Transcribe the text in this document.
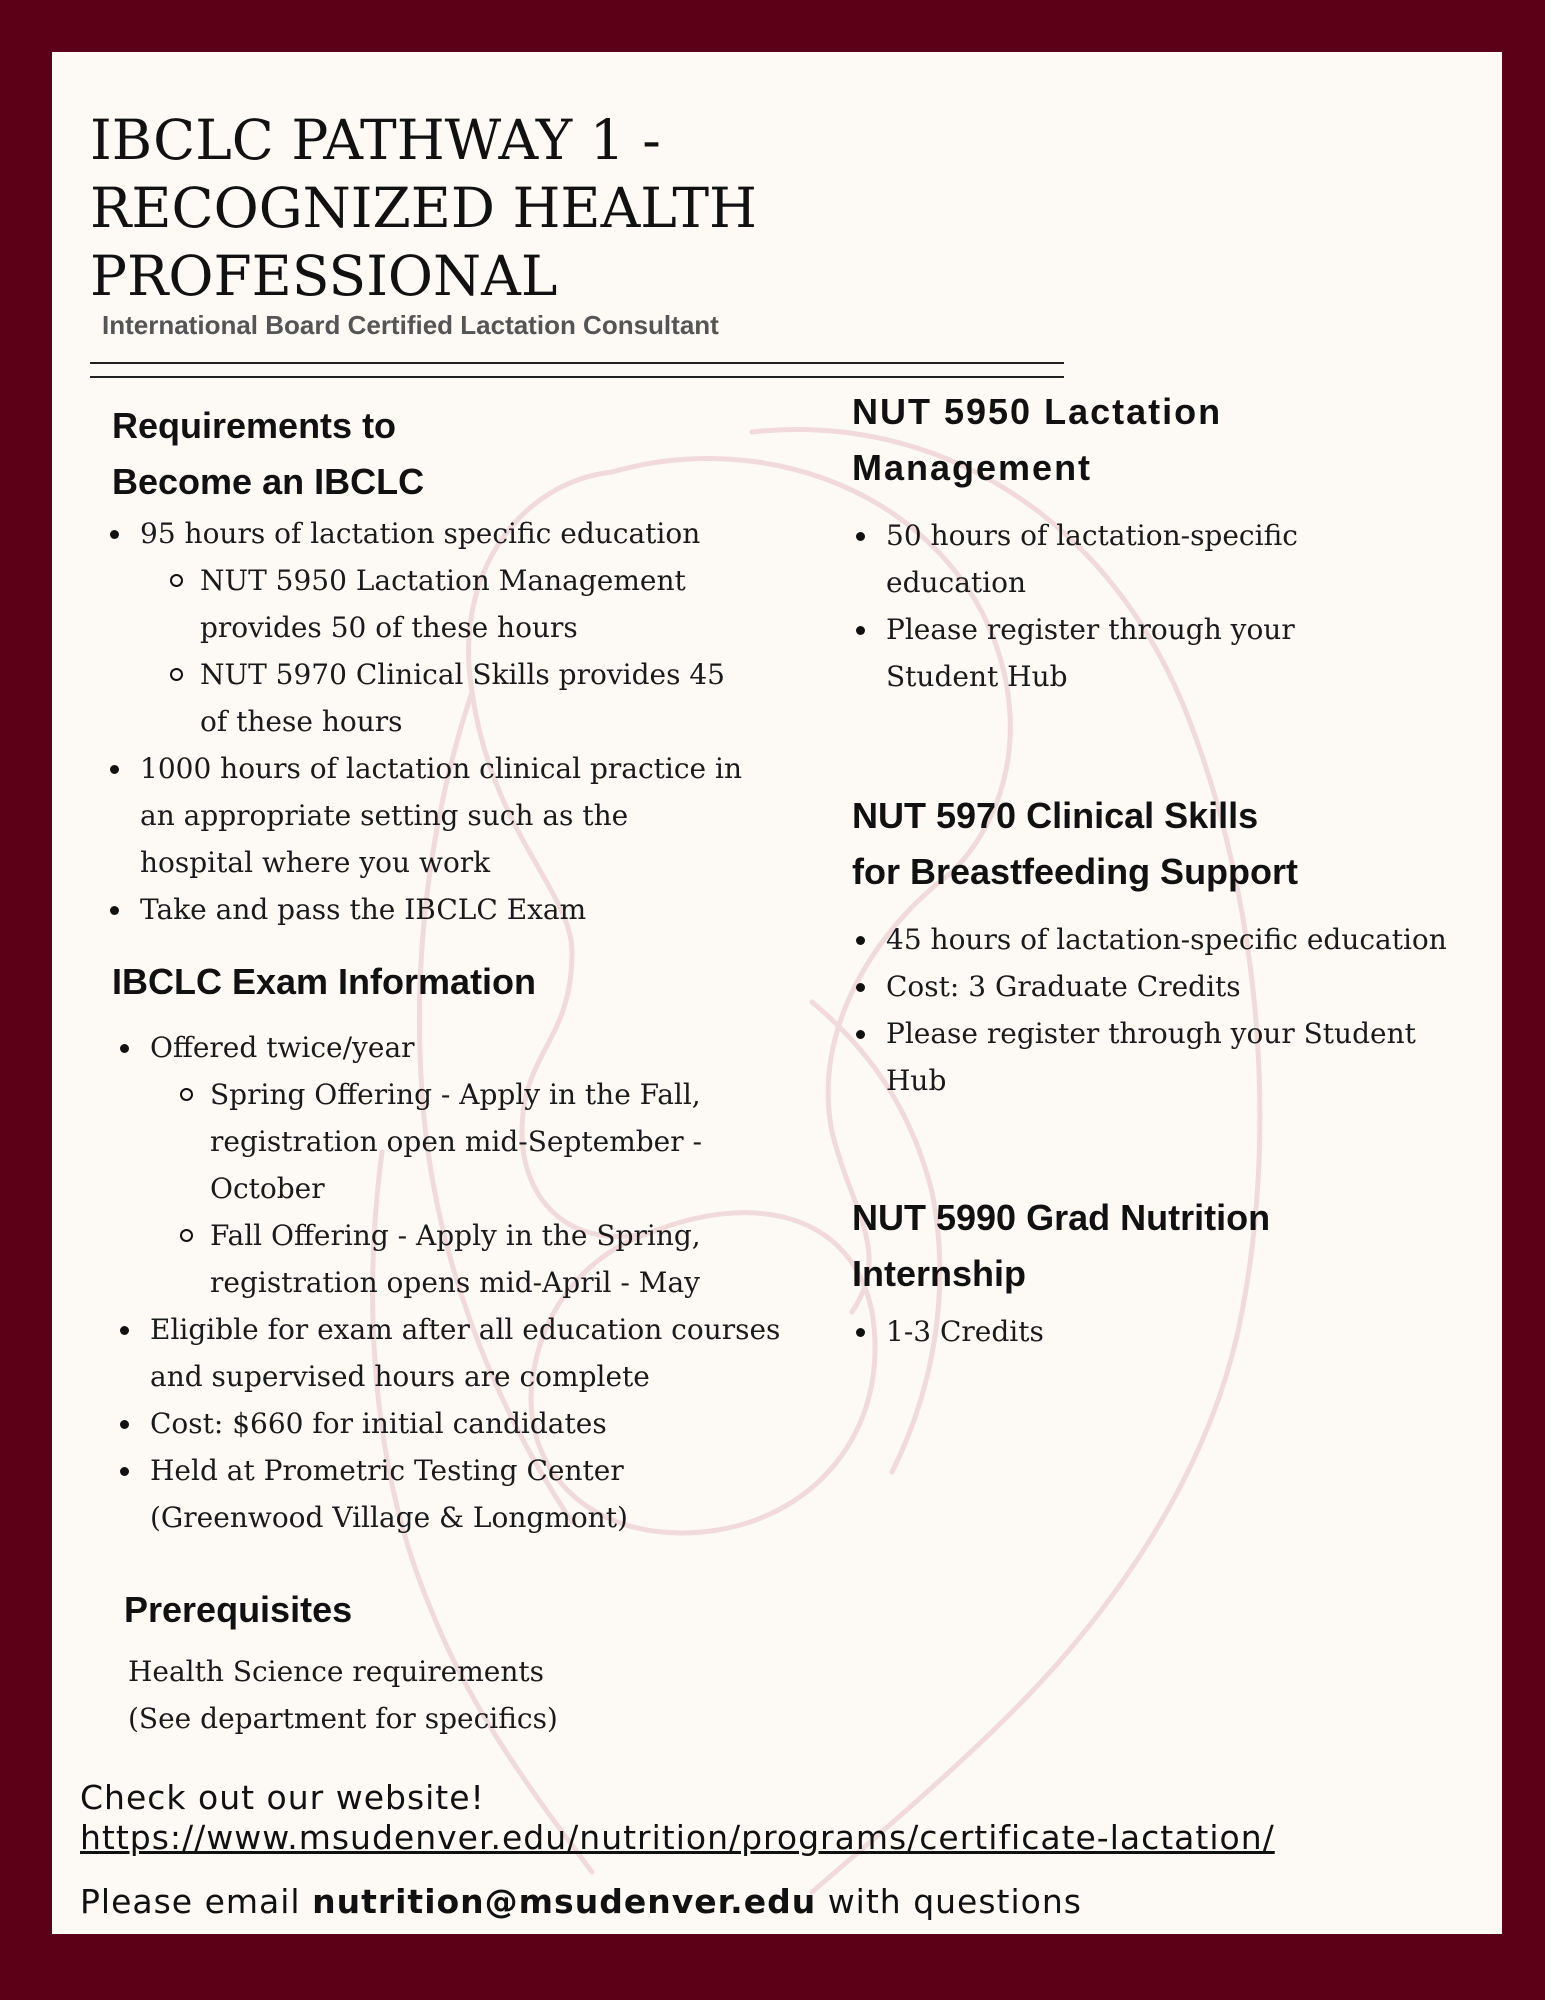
IBCLC PATHWAY 1 -
RECOGNIZED HEALTH
PROFESSIONAL
International Board Certified Lactation Consultant
Requirements to
Become an IBCLC
95 hours of lactation specific education
NUT 5950 Lactation Management provides 50 of these hours
NUT 5970 Clinical Skills provides 45 of these hours
1000 hours of lactation clinical practice in an appropriate setting such as the hospital where you work
Take and pass the IBCLC Exam
IBCLC Exam Information
Offered twice/year
Spring Offering - Apply in the Fall, registration open mid-September - October
Fall Offering - Apply in the Spring, registration opens mid-April - May
Eligible for exam after all education courses and supervised hours are complete
Cost: $660 for initial candidates
Held at Prometric Testing Center (Greenwood Village & Longmont)
Prerequisites
Health Science requirements
(See department for specifics)
NUT 5950 Lactation
Management
50 hours of lactation-specific education
Please register through your Student Hub
NUT 5970 Clinical Skills
for Breastfeeding Support
45 hours of lactation-specific education
Cost: 3 Graduate Credits
Please register through your Student Hub
NUT 5990 Grad Nutrition
Internship
1-3 Credits
Check out our website!
https://www.msudenver.edu/nutrition/programs/certificate-lactation/
Please email nutrition@msudenver.edu with questions
